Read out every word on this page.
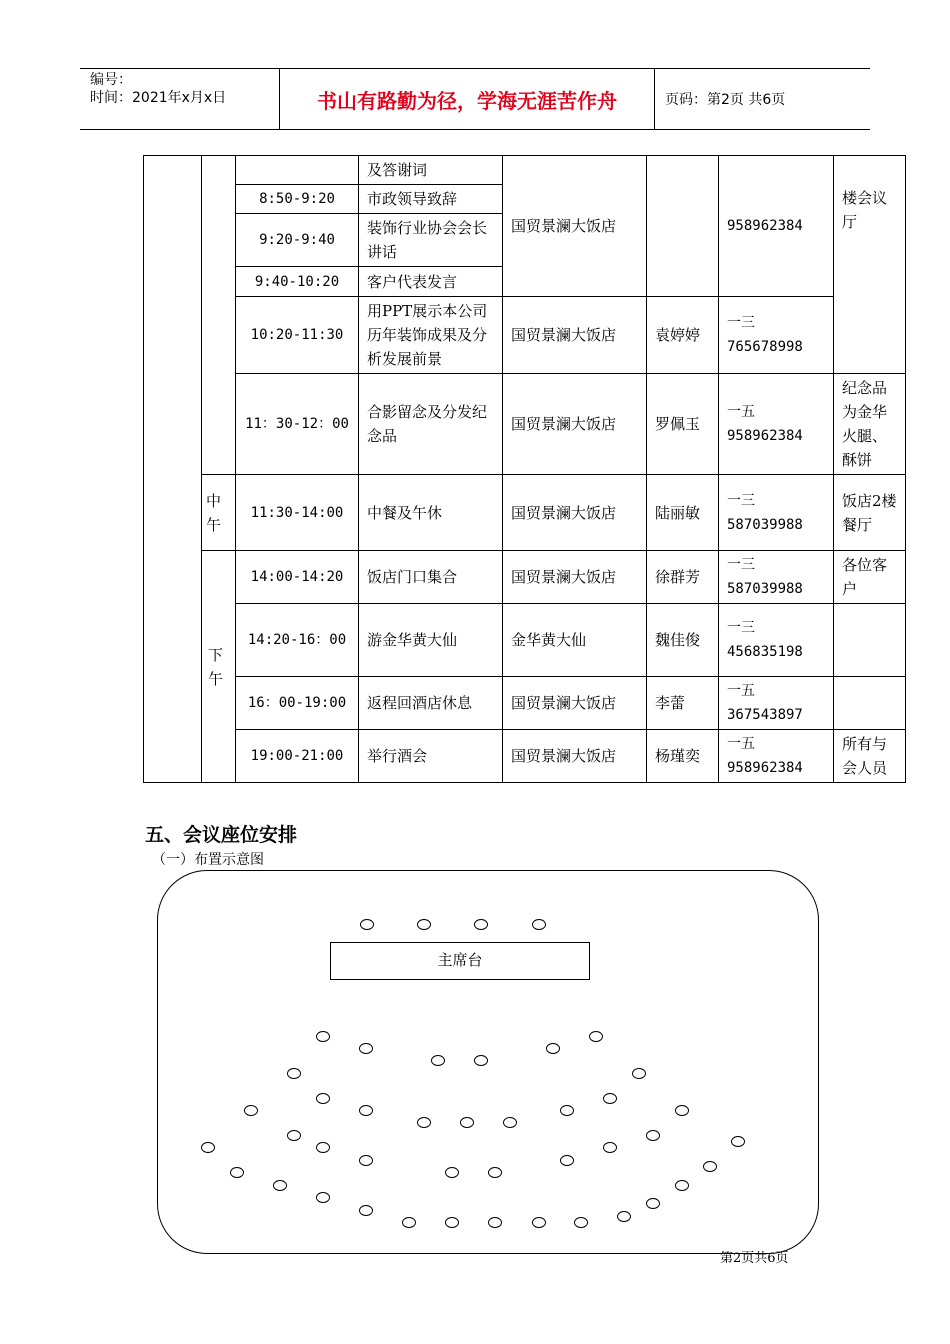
编号：
时间：2021年x月x日	书山有路勤为径，学海无涯苦作舟	页码：第2页 共6页
			及答谢词	国贸景澜大饭店		958962384	楼会议厅
		8:50-9:20	市政领导致辞				
		9:20-9:40	装饰行业协会会长讲话				
		9:40-10:20	客户代表发言				
		10:20-11:30	用PPT展示本公司历年装饰成果及分析发展前景	国贸景澜大饭店	袁婷婷	一三765678998	
		11：30-12：00	合影留念及分发纪念品	国贸景澜大饭店	罗佩玉	一五958962384	纪念品为金华火腿、酥饼
	中午	11:30-14:00	中餐及午休	国贸景澜大饭店	陆丽敏	一三587039988	饭店2楼餐厅
	下午	14:00-14:20	饭店门口集合	国贸景澜大饭店	徐群芳	一三587039988	各位客户
		14:20-16：00	游金华黄大仙	金华黄大仙	魏佳俊	一三456835198	
		16：00-19:00	返程回酒店休息	国贸景澜大饭店	李蕾	一五367543897	
		19:00-21:00	举行酒会	国贸景澜大饭店	杨瑾奕	一五958962384	所有与会人员
五、会议座位安排
（一）布置示意图
主席台
第2页共6页
